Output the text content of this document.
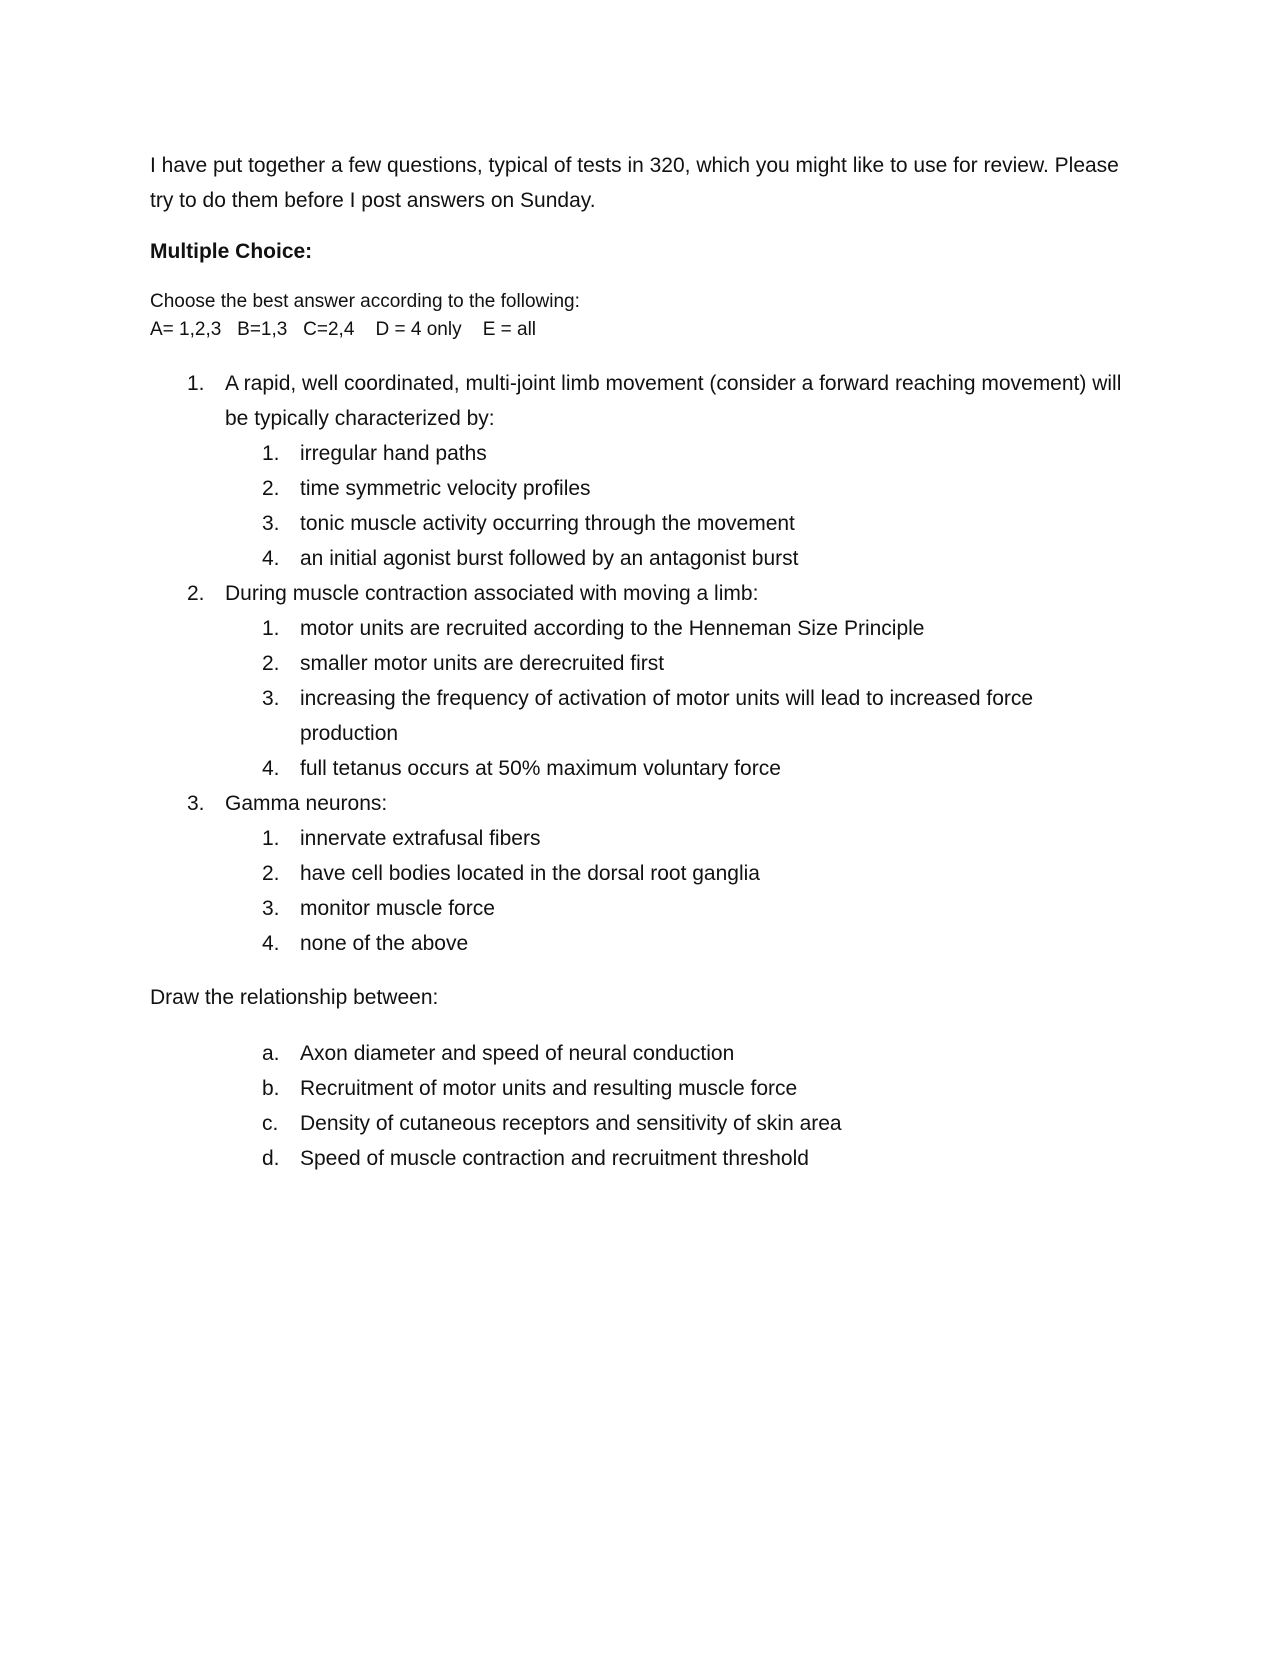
I have put together a few questions, typical of tests in 320, which you might like to use for review. Please try to do them before I post answers on Sunday.

Multiple Choice:

Choose the best answer according to the following:

A= 1,2,3   B=1,3   C=2,4    D = 4 only    E = all

1. A rapid, well coordinated, multi-joint limb movement (consider a forward reaching movement) will be typically characterized by:
1. irregular hand paths
2. time symmetric velocity profiles
3. tonic muscle activity occurring through the movement
4. an initial agonist burst followed by an antagonist burst
2. During muscle contraction associated with moving a limb:
1. motor units are recruited according to the Henneman Size Principle
2. smaller motor units are derecruited first
3. increasing the frequency of activation of motor units will lead to increased force production
4. full tetanus occurs at 50% maximum voluntary force
3. Gamma neurons:
1. innervate extrafusal fibers
2. have cell bodies located in the dorsal root ganglia
3. monitor muscle force
4. none of the above

Draw the relationship between:

a. Axon diameter and speed of neural conduction
b. Recruitment of motor units and resulting muscle force
c. Density of cutaneous receptors and sensitivity of skin area
d. Speed of muscle contraction and recruitment threshold
